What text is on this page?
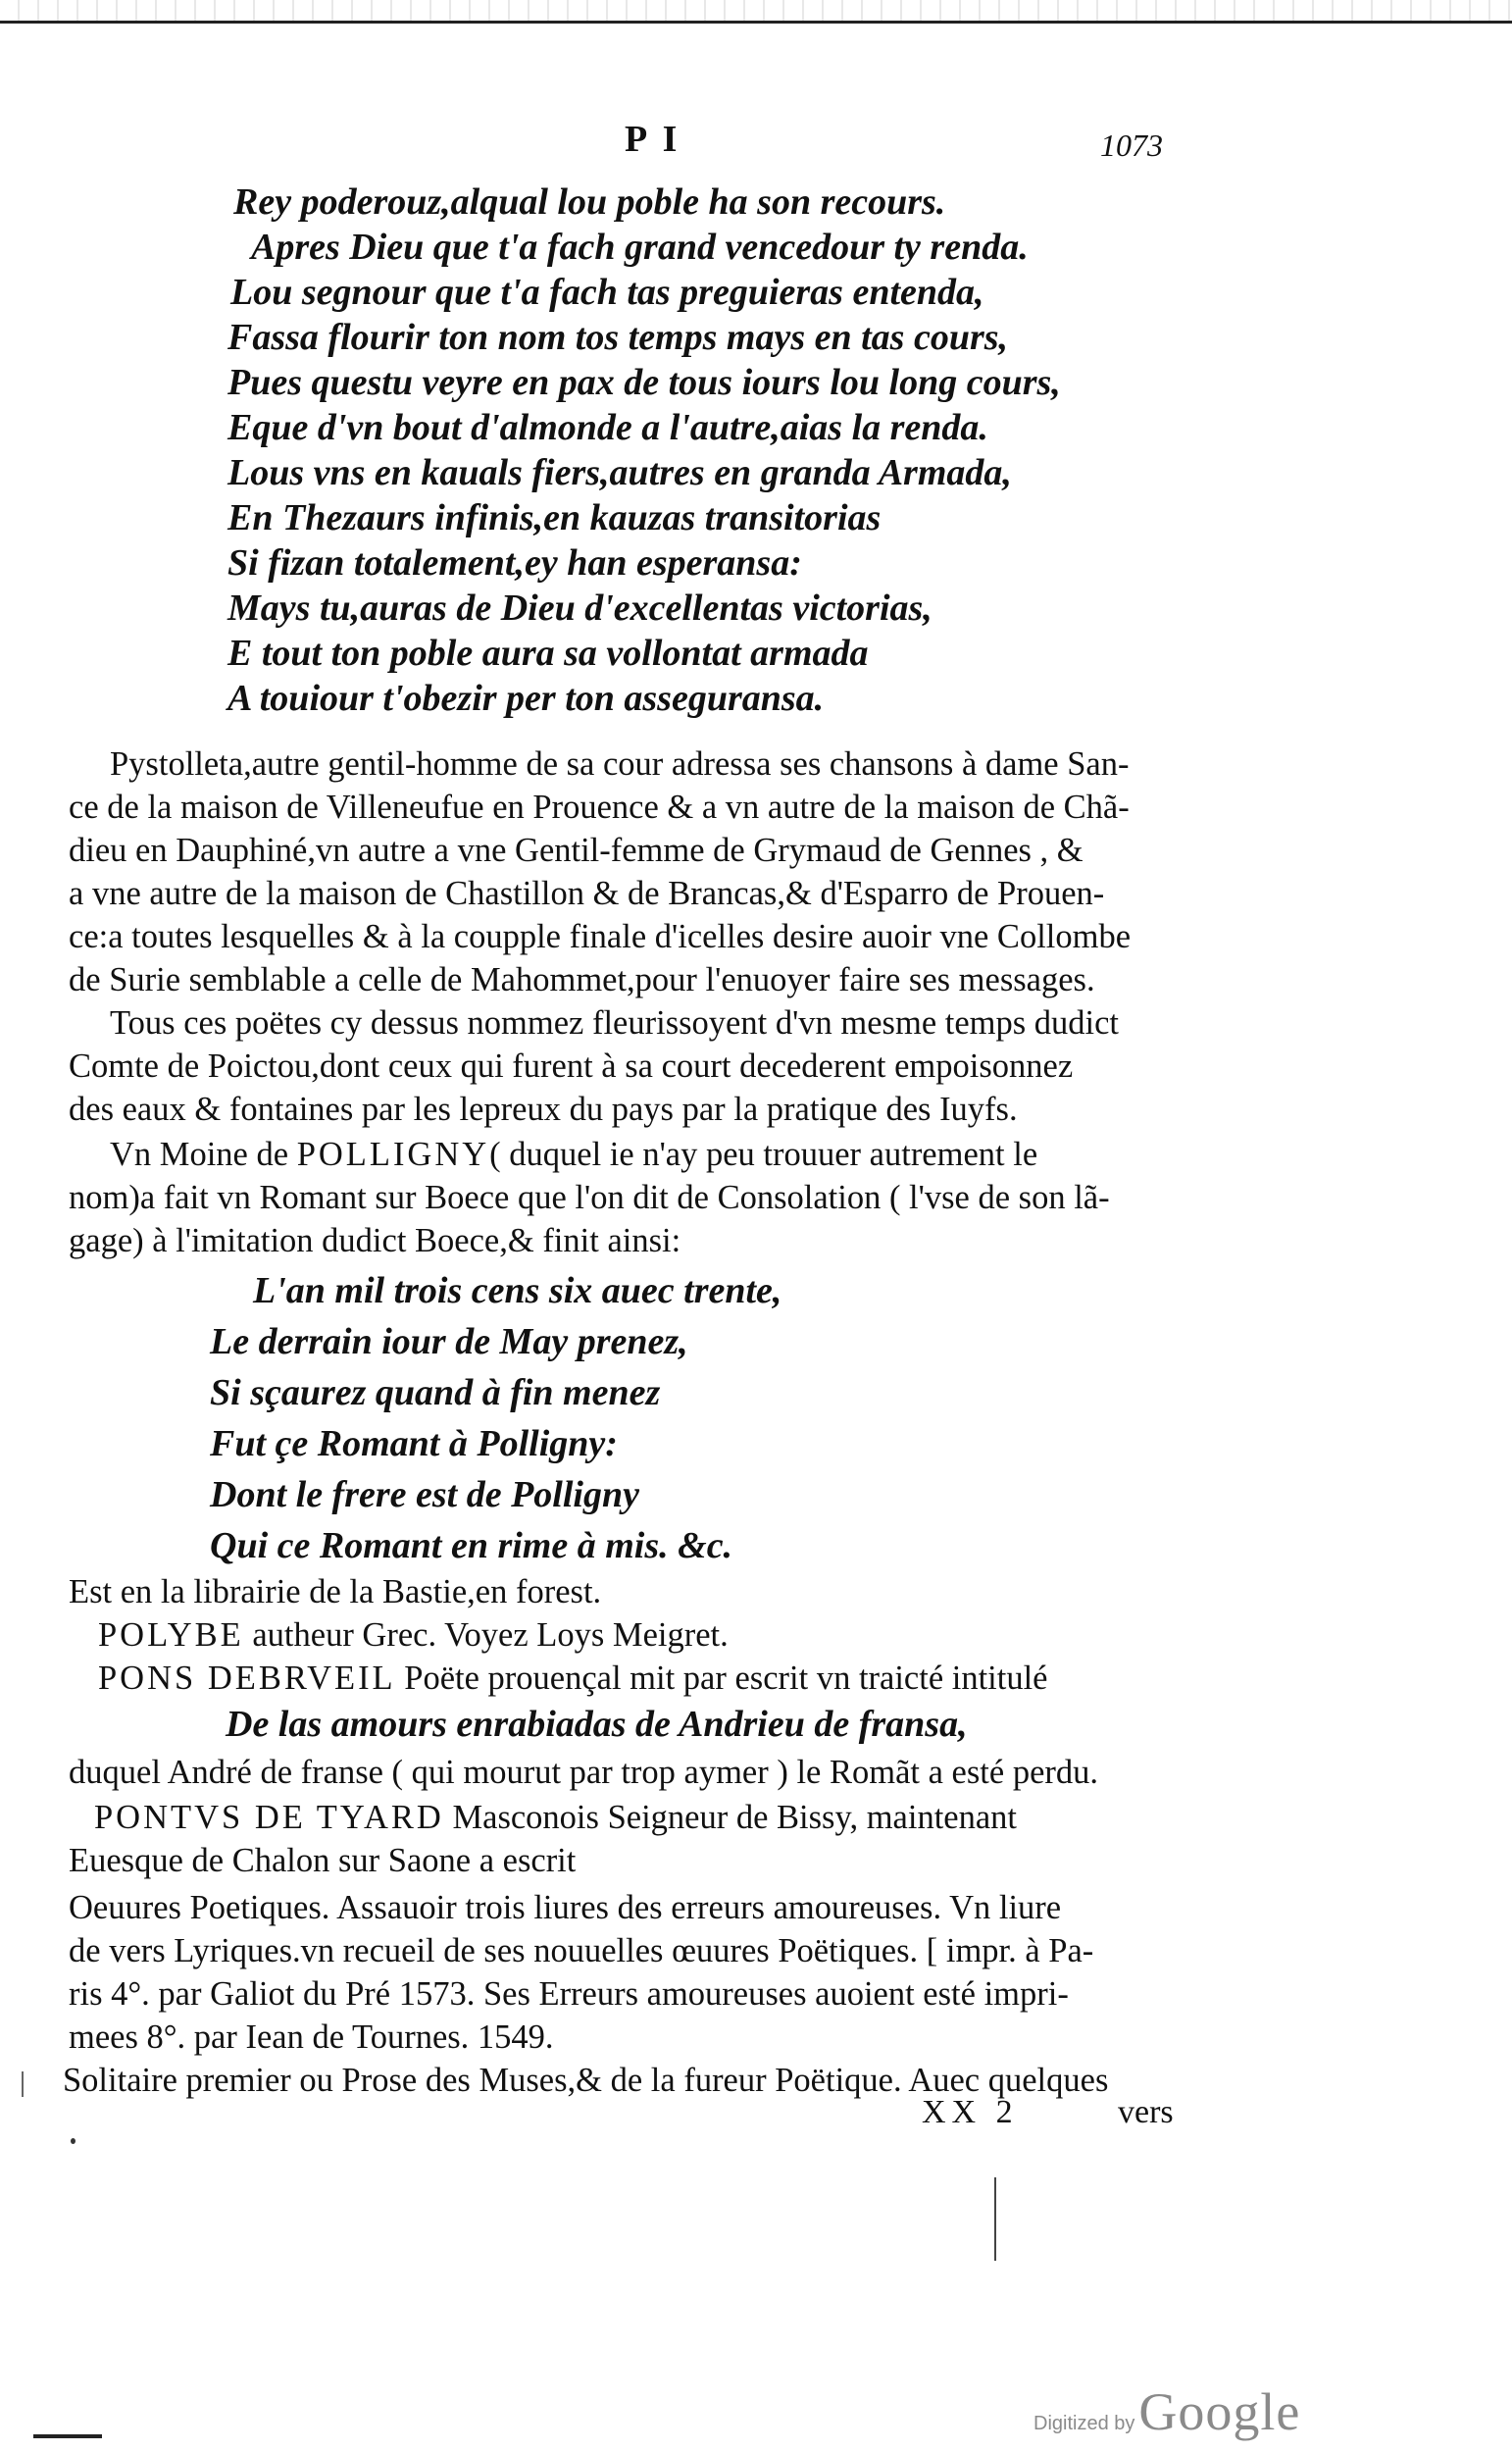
P I	1073
Rey poderouz,alqual lou poble ha son recours.
Apres Dieu que t'a fach grand vencedour ty renda.
Lou segnour que t'a fach tas preguieras entenda,
Fassa flourir ton nom tos temps mays en tas cours,
Pues questu veyre en pax de tous iours lou long cours,
Eque d'vn bout d'almonde a l'autre,aias la renda.
Lous vns en kauals fiers,autres en granda Armada,
En Thezaurs infinis,en kauzas transitorias
Si fizan totalement,ey han esperansa:
Mays tu,auras de Dieu d'excellentas victorias,
E tout ton poble aura sa vollontat armada
A touiour t'obezir per ton asseguransa.
Pystolleta,autre gentil-homme de sa cour adressa ses chansons à dame San-
ce de la maison de Villeneufue en Prouence & a vn autre de la maison de Chã-
dieu en Dauphiné,vn autre a vne Gentil-femme de Grymaud de Gennes , &
a vne autre de la maison de Chastillon & de Brancas,& d'Esparro de Prouen-
ce:a toutes lesquelles & à la coupple finale d'icelles desire auoir vne Collombe
de Surie semblable a celle de Mahommet,pour l'enuoyer faire ses messages.
Tous ces poëtes cy dessus nommez fleurissoyent d'vn mesme temps dudict
Comte de Poictou,dont ceux qui furent à sa court decederent empoisonnez
des eaux & fontaines par les lepreux du pays par la pratique des Iuyfs.
Vn Moine de POLLIGNY( duquel ie n'ay peu trouuer autrement le
nom)a fait vn Romant sur Boece que l'on dit de Consolation ( l'vse de son lã-
gage) à l'imitation dudict Boece,& finit ainsi:
L'an mil trois cens six auec trente,
Le derrain iour de May prenez,
Si sçaurez quand à fin menez
Fut çe Romant à Polligny:
Dont le frere est de Polligny
Qui ce Romant en rime à mis. &c.
Est en la librairie de la Bastie,en forest.
POLYBE autheur Grec. Voyez Loys Meigret.
PONS DEBRVEIL Poëte prouençal mit par escrit vn traicté intitulé
De las amours enrabiadas de Andrieu de fransa,
duquel André de franse ( qui mourut par trop aymer ) le Romãt a esté perdu.
PONTVS DE TYARD Masconois Seigneur de Bissy, maintenant
Euesque de Chalon sur Saone a escrit
Oeuures Poetiques. Assauoir trois liures des erreurs amoureuses. Vn liure
de vers Lyriques.vn recueil de ses nouuelles œuures Poëtiques. [ impr. à Pa-
ris 4°. par Galiot du Pré 1573. Ses Erreurs amoureuses auoient esté impri-
mees 8°. par Iean de Tournes. 1549.
Solitaire premier ou Prose des Muses,& de la fureur Poëtique. Auec quelques
XX 2	vers
Digitized by Google
